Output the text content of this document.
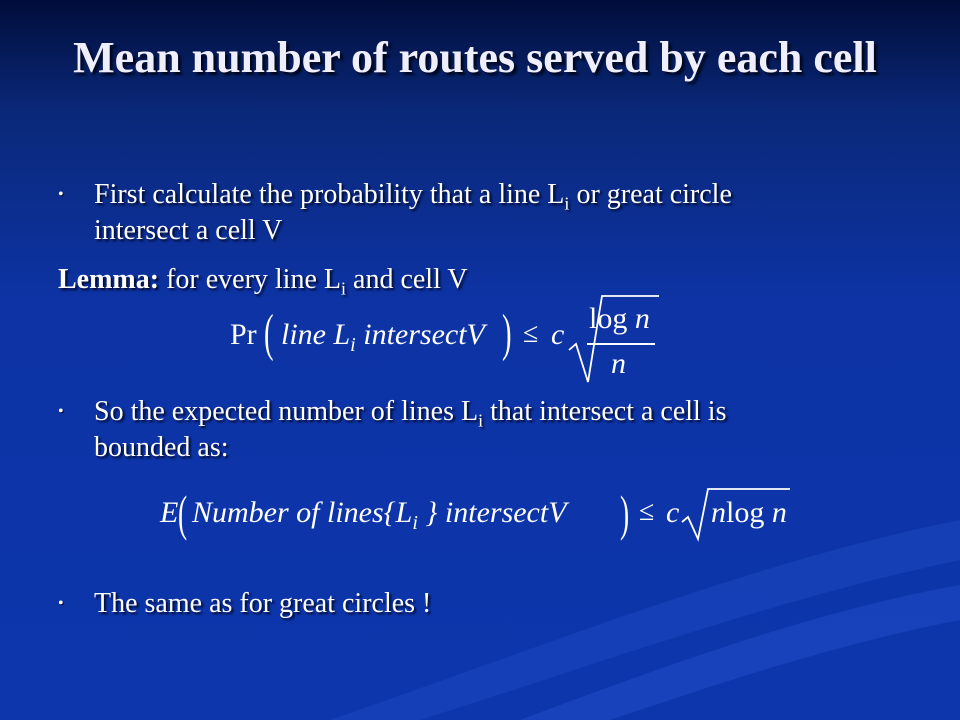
Mean number of routes served by each cell
• First calculate the probability that a line $L_i$ or great circle
intersect a cell V
Lemma: for every line $L_i$ and cell V
Pr ( line $L_i$ intersectV ) ≤ c log n
n
• So the expected number of lines $L_i$ that intersect a cell is
bounded as:
E ( Number of $lines\{L_i$ } intersectV ) ≤ c nlog n
• The same as for great circles !
